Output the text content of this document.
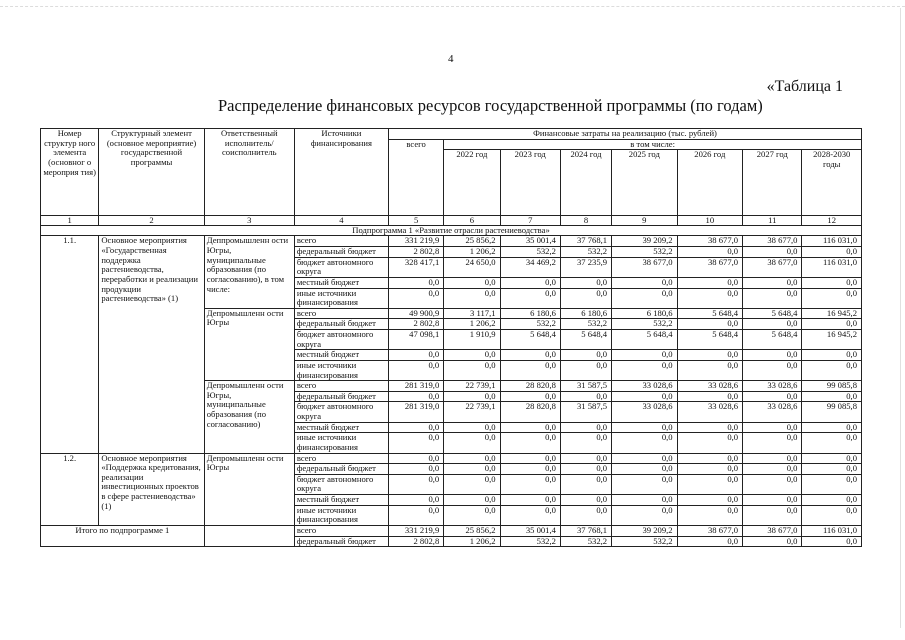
4
«Таблица 1
Распределение финансовых ресурсов государственной программы (по годам)
Номер структур ного элемента (основног о мероприя тия)	Структурный элемент (основное мероприятие) государственной программы	Ответственный исполнитель/ соисполнитель	Источники финансирования	Финансовые затраты на реализацию (тыс. рублей)							
				всего	в том числе:						
					2022 год	2023 год	2024 год	2025 год	2026 год	2027 год	2028-2030 годы
1	2	3	4	5	6	7	8	9	10	11	12
Подпрограмма 1 «Развитие отрасли растениеводства»											
1.1.	Основное мероприятия «Государственная поддержка растениеводства, переработки и реализации продукции растениеводства» (1)	Деппромышленн ости Югры, муниципальные образования (по согласованию), в том числе:	всего	331 219,9	25 856,2	35 001,4	37 768,1	39 209,2	38 677,0	38 677,0	116 031,0
			федеральный бюджет	2 802,8	1 206,2	532,2	532,2	532,2	0,0	0,0	0,0
			бюджет автономного округа	328 417,1	24 650,0	34 469,2	37 235,9	38 677,0	38 677,0	38 677,0	116 031,0
			местный бюджет	0,0	0,0	0,0	0,0	0,0	0,0	0,0	0,0
			иные источники финансирования	0,0	0,0	0,0	0,0	0,0	0,0	0,0	0,0
		Депромышленн ости Югры	всего	49 900,9	3 117,1	6 180,6	6 180,6	6 180,6	5 648,4	5 648,4	16 945,2
			федеральный бюджет	2 802,8	1 206,2	532,2	532,2	532,2	0,0	0,0	0,0
			бюджет автономного округа	47 098,1	1 910,9	5 648,4	5 648,4	5 648,4	5 648,4	5 648,4	16 945,2
			местный бюджет	0,0	0,0	0,0	0,0	0,0	0,0	0,0	0,0
			иные источники финансирования	0,0	0,0	0,0	0,0	0,0	0,0	0,0	0,0
		Депромышленн ости Югры, муниципальные образования (по согласованию)	всего	281 319,0	22 739,1	28 820,8	31 587,5	33 028,6	33 028,6	33 028,6	99 085,8
			федеральный бюджет	0,0	0,0	0,0	0,0	0,0	0,0	0,0	0,0
			бюджет автономного округа	281 319,0	22 739,1	28 820,8	31 587,5	33 028,6	33 028,6	33 028,6	99 085,8
			местный бюджет	0,0	0,0	0,0	0,0	0,0	0,0	0,0	0,0
			иные источники финансирования	0,0	0,0	0,0	0,0	0,0	0,0	0,0	0,0
1.2.	Основное мероприятия «Поддержка кредитования, реализации инвестиционных проектов в сфере растениеводства» (1)	Депромышленн ости Югры	всего	0,0	0,0	0,0	0,0	0,0	0,0	0,0	0,0
			федеральный бюджет	0,0	0,0	0,0	0,0	0,0	0,0	0,0	0,0
			бюджет автономного округа	0,0	0,0	0,0	0,0	0,0	0,0	0,0	0,0
			местный бюджет	0,0	0,0	0,0	0,0	0,0	0,0	0,0	0,0
			иные источники финансирования	0,0	0,0	0,0	0,0	0,0	0,0	0,0	0,0
Итого по подпрограмме 1			всего	331 219,9	25 856,2	35 001,4	37 768,1	39 209,2	38 677,0	38 677,0	116 031,0
			федеральный бюджет	2 802,8	1 206,2	532,2	532,2	532,2	0,0	0,0	0,0
